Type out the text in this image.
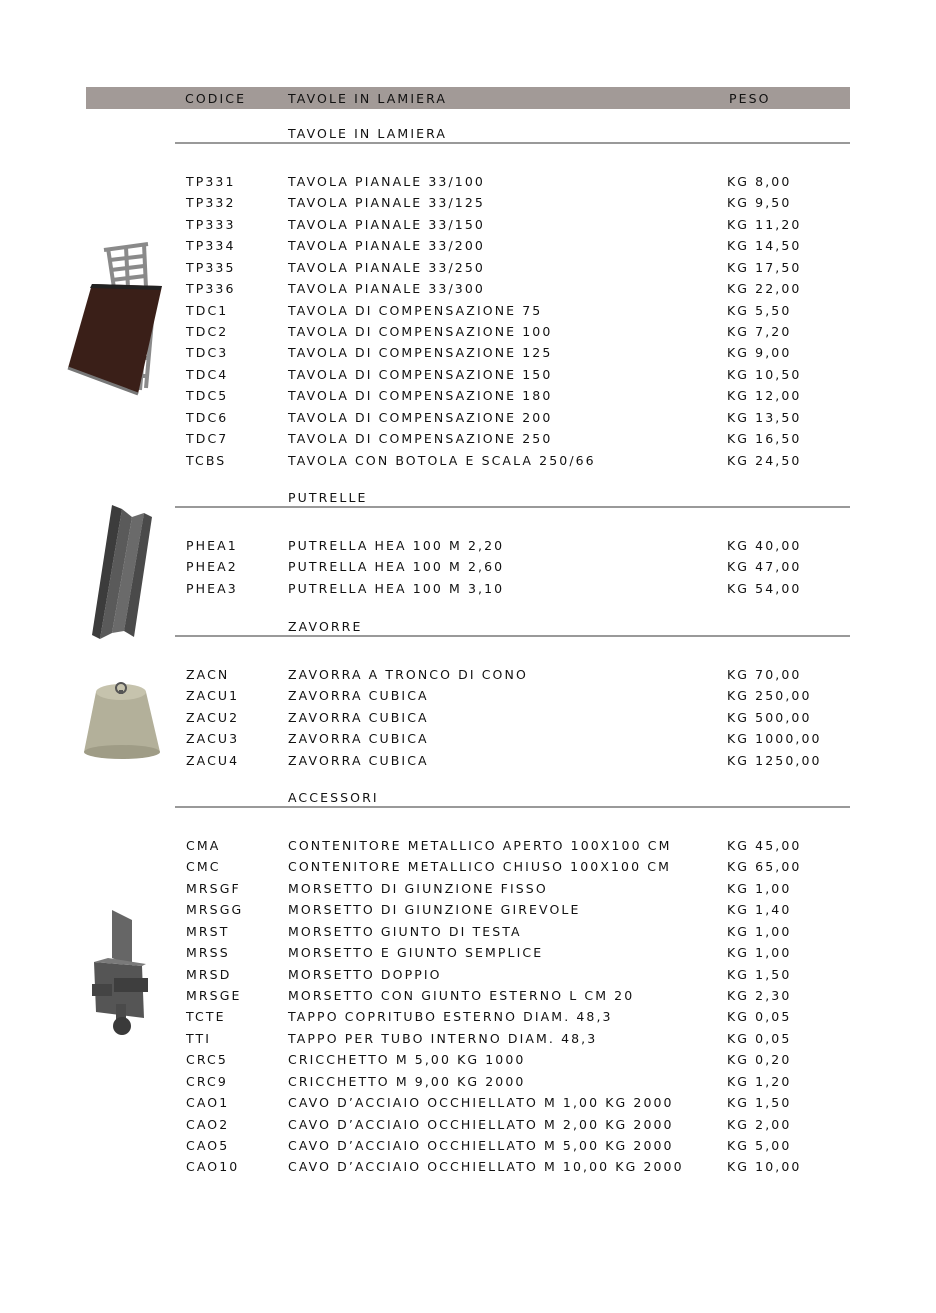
CODICE	TAVOLE IN LAMIERA	PESO
TAVOLE IN LAMIERA
PUTRELLE
ZAVORRE
ACCESSORI
TP331	TAVOLA PIANALE 33/100	KG 8,00
TP332	TAVOLA PIANALE 33/125	KG 9,50
TP333	TAVOLA PIANALE 33/150	KG 11,20
TP334	TAVOLA PIANALE 33/200	KG 14,50
TP335	TAVOLA PIANALE 33/250	KG 17,50
TP336	TAVOLA PIANALE 33/300	KG 22,00
TDC1	TAVOLA DI COMPENSAZIONE 75	KG 5,50
TDC2	TAVOLA DI COMPENSAZIONE 100	KG 7,20
TDC3	TAVOLA DI COMPENSAZIONE 125	KG 9,00
TDC4	TAVOLA DI COMPENSAZIONE 150	KG 10,50
TDC5	TAVOLA DI COMPENSAZIONE 180	KG 12,00
TDC6	TAVOLA DI COMPENSAZIONE 200	KG 13,50
TDC7	TAVOLA DI COMPENSAZIONE 250	KG 16,50
TCBS	TAVOLA CON BOTOLA E SCALA 250/66	KG 24,50
PHEA1	PUTRELLA HEA 100 M 2,20	KG 40,00
PHEA2	PUTRELLA HEA 100 M 2,60	KG 47,00
PHEA3	PUTRELLA HEA 100 M 3,10	KG 54,00
ZACN	ZAVORRA A TRONCO DI CONO	KG 70,00
ZACU1	ZAVORRA CUBICA	KG 250,00
ZACU2	ZAVORRA CUBICA	KG 500,00
ZACU3	ZAVORRA CUBICA	KG 1000,00
ZACU4	ZAVORRA CUBICA	KG 1250,00
CMA	CONTENITORE METALLICO APERTO 100X100 CM	KG 45,00
CMC	CONTENITORE METALLICO CHIUSO 100X100 CM	KG 65,00
MRSGF	MORSETTO DI GIUNZIONE FISSO	KG 1,00
MRSGG	MORSETTO DI GIUNZIONE GIREVOLE	KG 1,40
MRST	MORSETTO GIUNTO DI TESTA	KG 1,00
MRSS	MORSETTO E GIUNTO SEMPLICE	KG 1,00
MRSD	MORSETTO DOPPIO	KG 1,50
MRSGE	MORSETTO CON GIUNTO ESTERNO L CM 20	KG 2,30
TCTE	TAPPO COPRITUBO ESTERNO DIAM. 48,3	KG 0,05
TTI	TAPPO PER TUBO INTERNO DIAM. 48,3	KG 0,05
CRC5	CRICCHETTO M 5,00 KG 1000	KG 0,20
CRC9	CRICCHETTO M 9,00 KG 2000	KG 1,20
CAO1	CAVO D’ACCIAIO OCCHIELLATO M 1,00 KG 2000	KG 1,50
CAO2	CAVO D’ACCIAIO OCCHIELLATO M 2,00 KG 2000	KG 2,00
CAO5	CAVO D’ACCIAIO OCCHIELLATO M 5,00 KG 2000	KG 5,00
CAO10	CAVO D’ACCIAIO OCCHIELLATO M 10,00 KG 2000	KG 10,00
